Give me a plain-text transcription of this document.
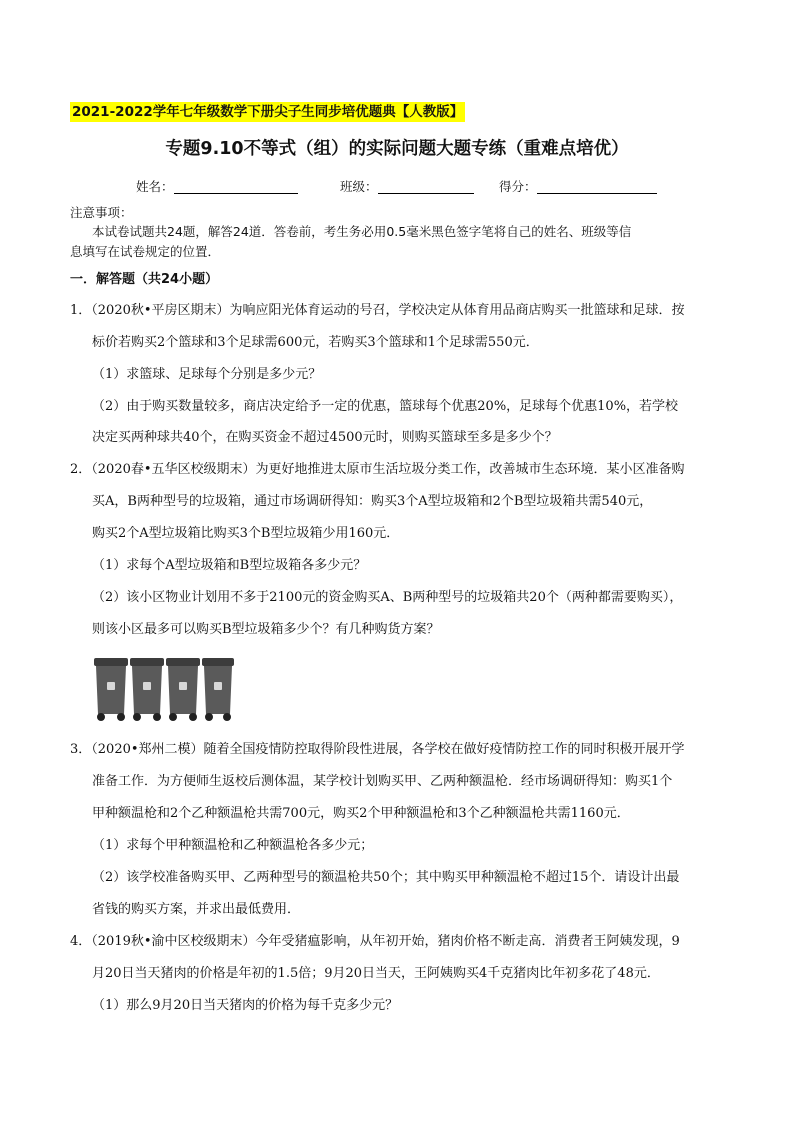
2021-2022学年七年级数学下册尖子生同步培优题典【人教版】
专题9.10不等式（组）的实际问题大题专练（重难点培优）
姓名：	班级：	得分：
注意事项：
本试卷试题共24题，解答24道．答卷前，考生务必用0.5毫米黑色签字笔将自己的姓名、班级等信
息填写在试卷规定的位置．
一．解答题（共24小题）
1．（2020秋•平房区期末）为响应阳光体育运动的号召，学校决定从体育用品商店购买一批篮球和足球．按
标价若购买2个篮球和3个足球需600元，若购买3个篮球和1个足球需550元．
（1）求篮球、足球每个分别是多少元？
（2）由于购买数量较多，商店决定给予一定的优惠，篮球每个优惠20%，足球每个优惠10%，若学校
决定买两种球共40个，在购买资金不超过4500元时，则购买篮球至多是多少个？
2．（2020春•五华区校级期末）为更好地推进太原市生活垃圾分类工作，改善城市生态环境．某小区准备购
买A，B两种型号的垃圾箱，通过市场调研得知：购买3个A型垃圾箱和2个B型垃圾箱共需540元，
购买2个A型垃圾箱比购买3个B型垃圾箱少用160元．
（1）求每个A型垃圾箱和B型垃圾箱各多少元？
（2）该小区物业计划用不多于2100元的资金购买A、B两种型号的垃圾箱共20个（两种都需要购买），
则该小区最多可以购买B型垃圾箱多少个？有几种购货方案？
3．（2020•郑州二模）随着全国疫情防控取得阶段性进展，各学校在做好疫情防控工作的同时积极开展开学
准备工作．为方便师生返校后测体温，某学校计划购买甲、乙两种额温枪．经市场调研得知：购买1个
甲种额温枪和2个乙种额温枪共需700元，购买2个甲种额温枪和3个乙种额温枪共需1160元．
（1）求每个甲种额温枪和乙种额温枪各多少元；
（2）该学校准备购买甲、乙两种型号的额温枪共50个；其中购买甲种额温枪不超过15个．请设计出最
省钱的购买方案，并求出最低费用．
4．（2019秋•渝中区校级期末）今年受猪瘟影响，从年初开始，猪肉价格不断走高．消费者王阿姨发现，9
月20日当天猪肉的价格是年初的1.5倍；9月20日当天，王阿姨购买4千克猪肉比年初多花了48元．
（1）那么9月20日当天猪肉的价格为每千克多少元？
